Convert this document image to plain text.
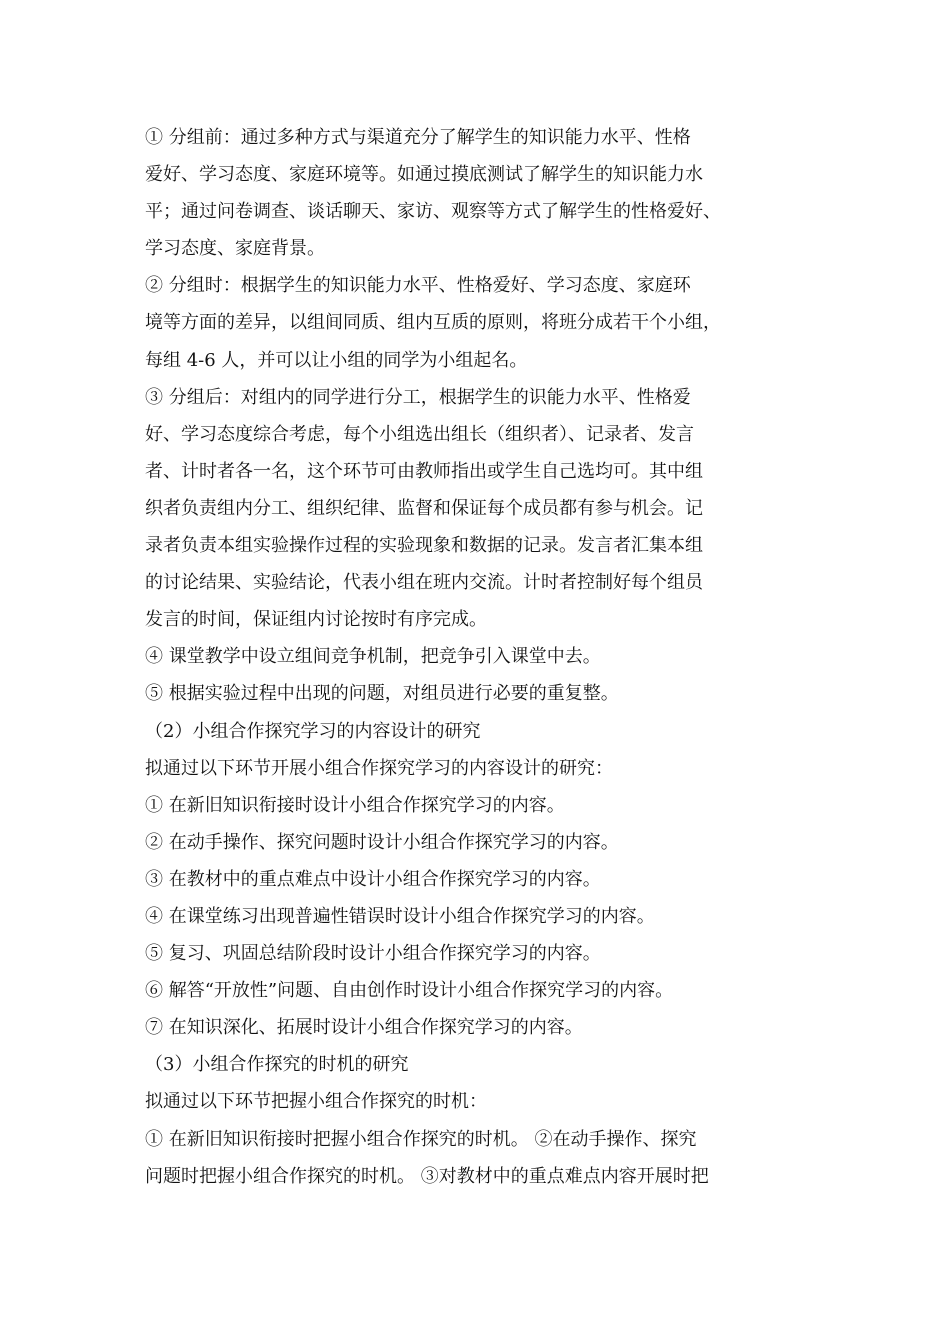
① 分组前：通过多种方式与渠道充分了解学生的知识能力水平、性格

爱好、学习态度、家庭环境等。如通过摸底测试了解学生的知识能力水

平；通过问卷调查、谈话聊天、家访、观察等方式了解学生的性格爱好、

学习态度、家庭背景。

② 分组时：根据学生的知识能力水平、性格爱好、学习态度、家庭环

境等方面的差异，以组间同质、组内互质的原则，将班分成若干个小组，

每组 4-6 人，并可以让小组的同学为小组起名。

③ 分组后：对组内的同学进行分工，根据学生的识能力水平、性格爱

好、学习态度综合考虑，每个小组选出组长（组织者）、记录者、发言

者、计时者各一名，这个环节可由教师指出或学生自己选均可。其中组

织者负责组内分工、组织纪律、监督和保证每个成员都有参与机会。记

录者负责本组实验操作过程的实验现象和数据的记录。发言者汇集本组

的讨论结果、实验结论，代表小组在班内交流。计时者控制好每个组员

发言的时间，保证组内讨论按时有序完成。

④ 课堂教学中设立组间竞争机制，把竞争引入课堂中去。

⑤ 根据实验过程中出现的问题，对组员进行必要的重复整。

（2）小组合作探究学习的内容设计的研究

拟通过以下环节开展小组合作探究学习的内容设计的研究：

① 在新旧知识衔接时设计小组合作探究学习的内容。

② 在动手操作、探究问题时设计小组合作探究学习的内容。

③ 在教材中的重点难点中设计小组合作探究学习的内容。

④ 在课堂练习出现普遍性错误时设计小组合作探究学习的内容。

⑤ 复习、巩固总结阶段时设计小组合作探究学习的内容。

⑥ 解答“开放性”问题、自由创作时设计小组合作探究学习的内容。

⑦ 在知识深化、拓展时设计小组合作探究学习的内容。

（3）小组合作探究的时机的研究

拟通过以下环节把握小组合作探究的时机：

① 在新旧知识衔接时把握小组合作探究的时机。 ②在动手操作、探究

问题时把握小组合作探究的时机。 ③对教材中的重点难点内容开展时把
